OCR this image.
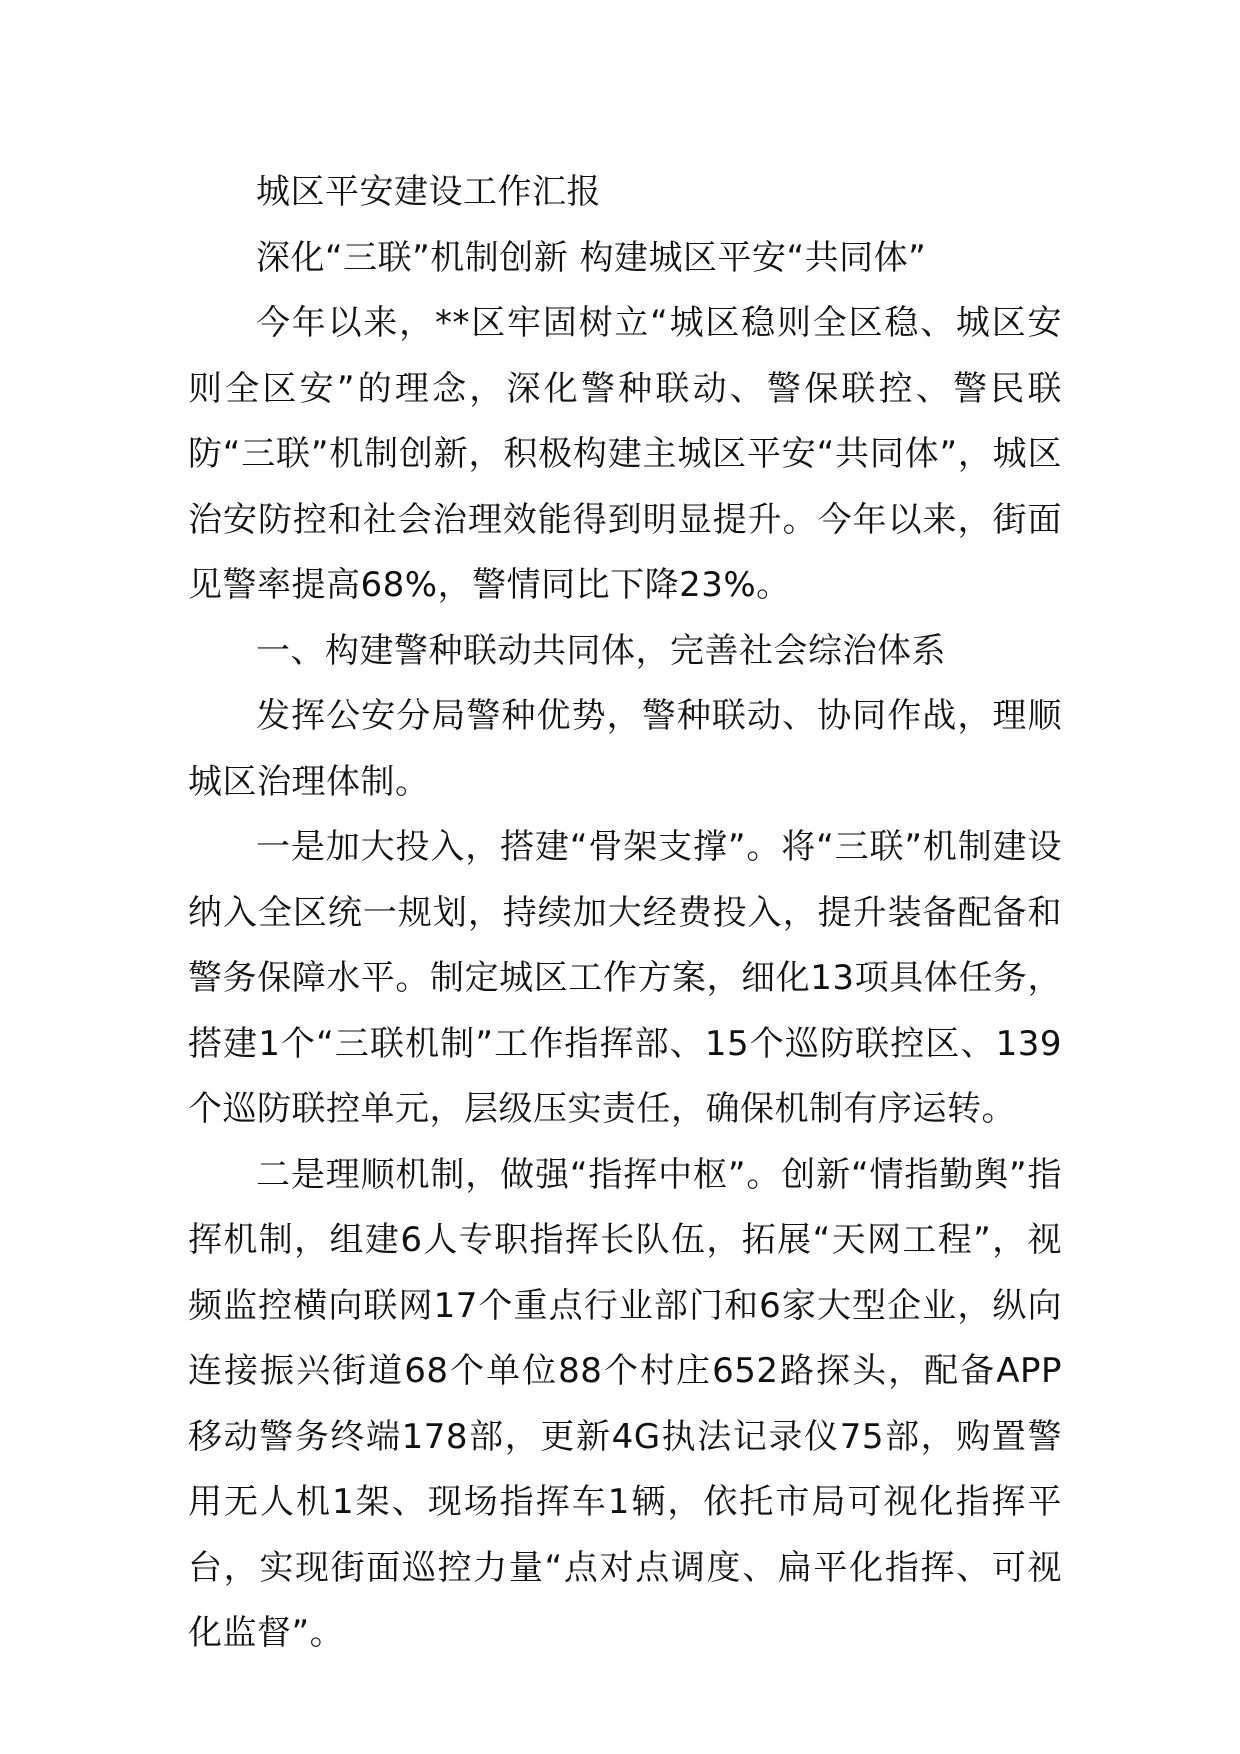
城区平安建设工作汇报

深化“三联”机制创新 构建城区平安“共同体”

今年以来，**区牢固树立“城区稳则全区稳、城区安则全区安”的理念，深化警种联动、警保联控、警民联防“三联”机制创新，积极构建主城区平安“共同体”，城区治安防控和社会治理效能得到明显提升。今年以来，街面见警率提高68%，警情同比下降23%。

一、构建警种联动共同体，完善社会综治体系

发挥公安分局警种优势，警种联动、协同作战，理顺城区治理体制。

一是加大投入，搭建“骨架支撑”。将“三联”机制建设纳入全区统一规划，持续加大经费投入，提升装备配备和警务保障水平。制定城区工作方案，细化13项具体任务，搭建1个“三联机制”工作指挥部、15个巡防联控区、139个巡防联控单元，层级压实责任，确保机制有序运转。

二是理顺机制，做强“指挥中枢”。创新“情指勤舆”指挥机制，组建6人专职指挥长队伍，拓展“天网工程”，视频监控横向联网17个重点行业部门和6家大型企业，纵向连接振兴街道68个单位88个村庄652路探头，配备APP移动警务终端178部，更新4G执法记录仪75部，购置警用无人机1架、现场指挥车1辆，依托市局可视化指挥平台，实现街面巡控力量“点对点调度、扁平化指挥、可视化监督”。
